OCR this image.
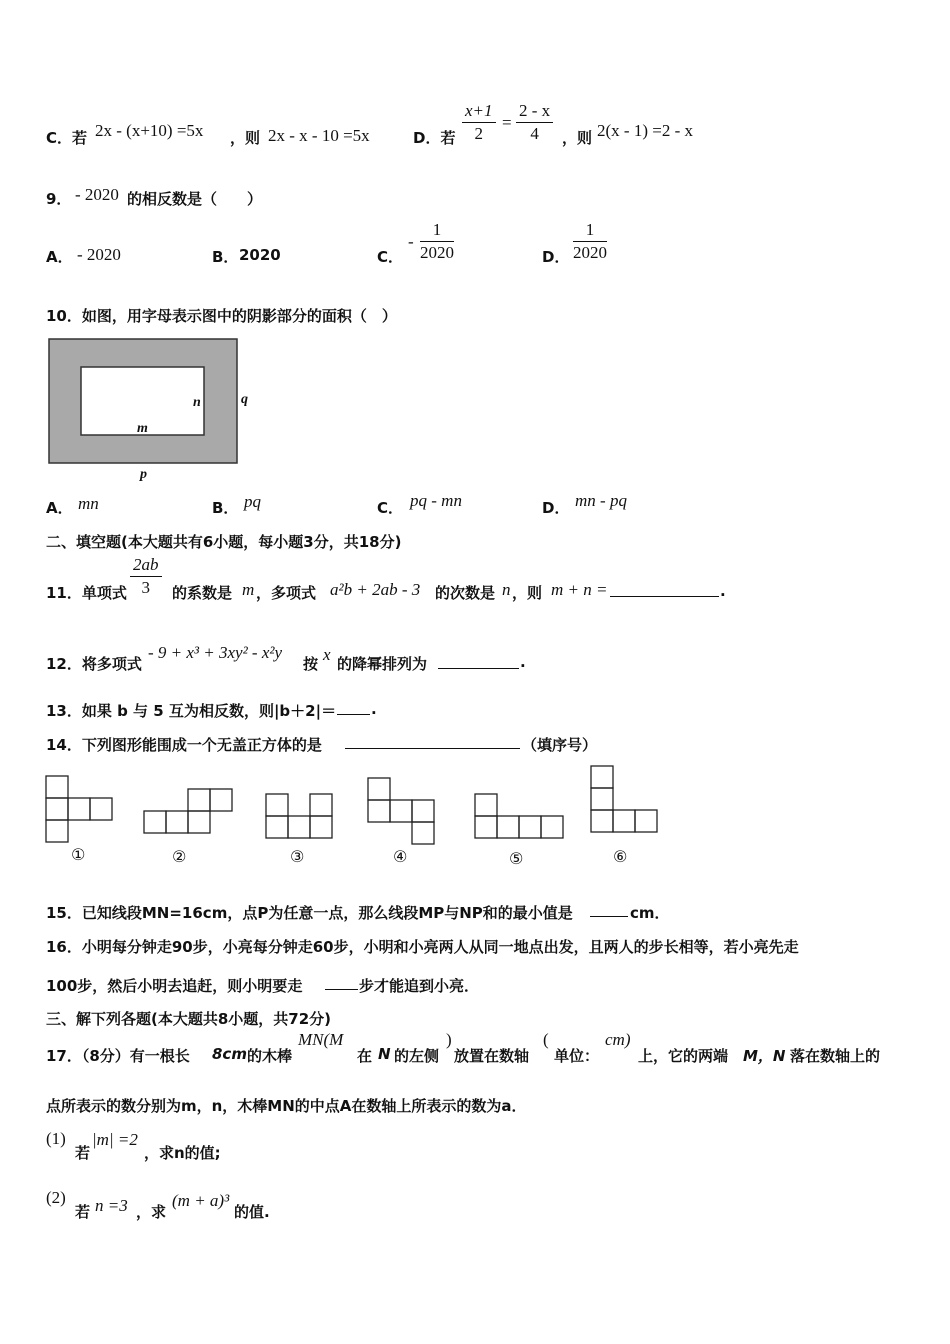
C．若 2x - (x+10) =5x ，则 2x - x - 10 =5x	D．若
x+1
2
=
2 - x
4 ，则 2(x - 1) =2 - x
9． - 2020 的相反数是（　　）
A． - 2020	B． 2020	C．
-
1
2020	D．
1
2020
10．如图，用字母表示图中的阴影部分的面积（　）
n
m
q
p
A． mn	B． pq	C． pq - mn	D． mn - pq
二、填空题(本大题共有6小题，每小题3分，共18分)
11．单项式
2ab
3 的系数是 m ，多项式 a²b + 2ab - 3 的次数是 n ，则 m + n =	.
12．将多项式
- 9 + x³ + 3xy² - x²y
按 x 的降幂排列为	.
13．如果 b 与 5 互为相反数，则|b＋2|＝ .
14．下列图形能围成一个无盖正方体的是	（填序号）
①	②	③	④	⑤	⑥
15．已知线段MN=16cm，点P为任意一点，那么线段MP与NP和的最小值是	cm．
16．小明每分钟走90步，小亮每分钟走60步，小明和小亮两人从同一地点出发，且两人的步长相等，若小亮先走
100步，然后小明去追赶，则小明要走	步才能追到小亮．
三、解下列各题(本大题共8小题，共72分)
17．（8分）有一根长 8cm 的木棒
MN(M
在 N 的左侧
)
放置在数轴
(
单位：
cm)
上，它的两端 M，N 落在数轴上的
点所表示的数分别为m，n，木棒MN的中点A在数轴上所表示的数为a．
(1)
若
|m| =2
，求n的值;
(2)
若 n =3 ，求
(m + a)³
的值.
